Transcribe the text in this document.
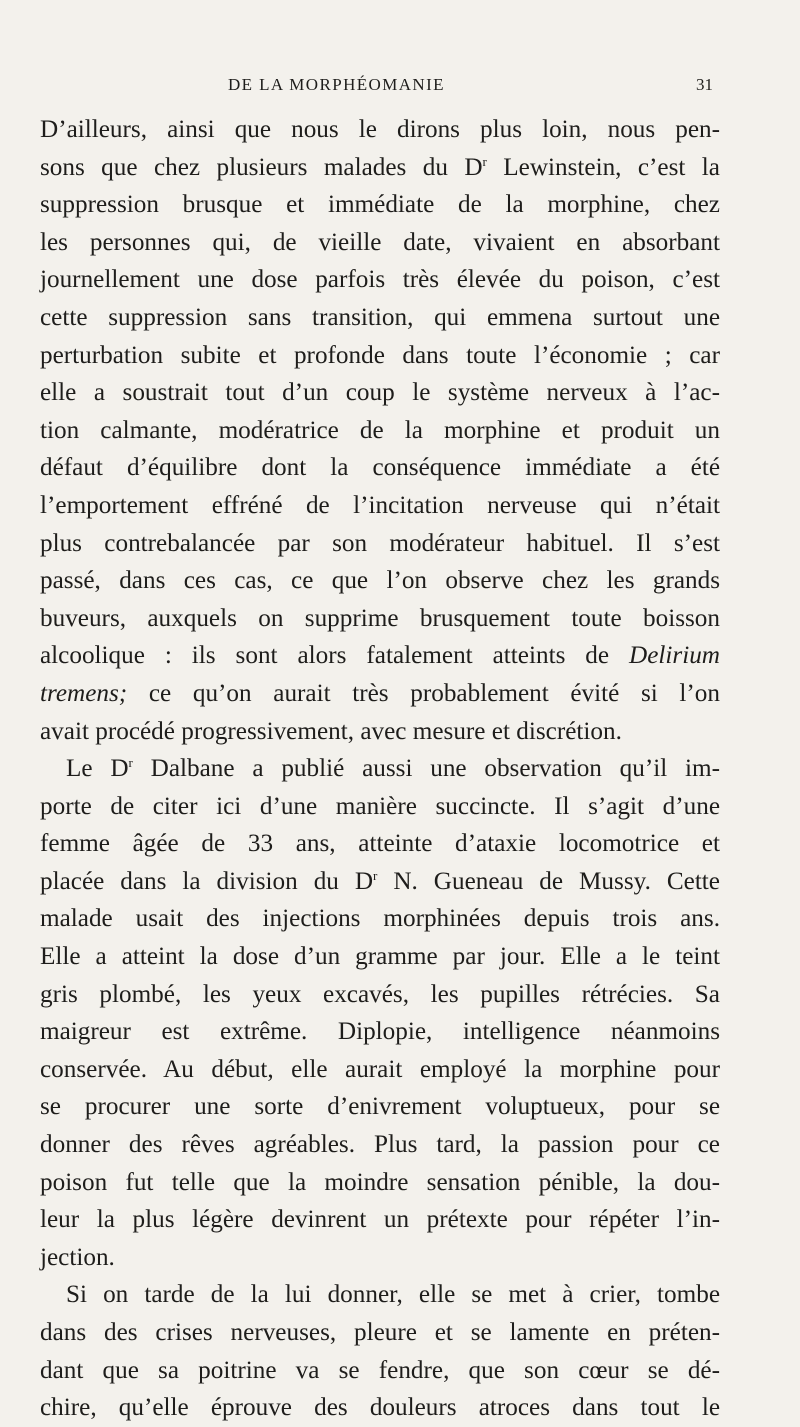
DE LA MORPHÉOMANIE	31
D’ailleurs, ainsi que nous le dirons plus loin, nous pen-
sons que chez plusieurs malades du $D^r$ Lewinstein, c’est la
suppression brusque et immédiate de la morphine, chez
les personnes qui, de vieille date, vivaient en absorbant
journellement une dose parfois très élevée du poison, c’est
cette suppression sans transition, qui emmena surtout une
perturbation subite et profonde dans toute l’économie ; car
elle a soustrait tout d’un coup le système nerveux à l’ac-
tion calmante, modératrice de la morphine et produit un
défaut d’équilibre dont la conséquence immédiate a été
l’emportement effréné de l’incitation nerveuse qui n’était
plus contrebalancée par son modérateur habituel. Il s’est
passé, dans ces cas, ce que l’on observe chez les grands
buveurs, auxquels on supprime brusquement toute boisson
alcoolique : ils sont alors fatalement atteints de Delirium
tremens; ce qu’on aurait très probablement évité si l’on
avait procédé progressivement, avec mesure et discrétion.
Le $D^r$ Dalbane a publié aussi une observation qu’il im-
porte de citer ici d’une manière succincte. Il s’agit d’une
femme âgée de 33 ans, atteinte d’ataxie locomotrice et
placée dans la division du $D^r$ N. Gueneau de Mussy. Cette
malade usait des injections morphinées depuis trois ans.
Elle a atteint la dose d’un gramme par jour. Elle a le teint
gris plombé, les yeux excavés, les pupilles rétrécies. Sa
maigreur est extrême. Diplopie, intelligence néanmoins
conservée. Au début, elle aurait employé la morphine pour
se procurer une sorte d’enivrement voluptueux, pour se
donner des rêves agréables. Plus tard, la passion pour ce
poison fut telle que la moindre sensation pénible, la dou-
leur la plus légère devinrent un prétexte pour répéter l’in-
jection.
Si on tarde de la lui donner, elle se met à crier, tombe
dans des crises nerveuses, pleure et se lamente en préten-
dant que sa poitrine va se fendre, que son cœur se dé-
chire, qu’elle éprouve des douleurs atroces dans tout le
